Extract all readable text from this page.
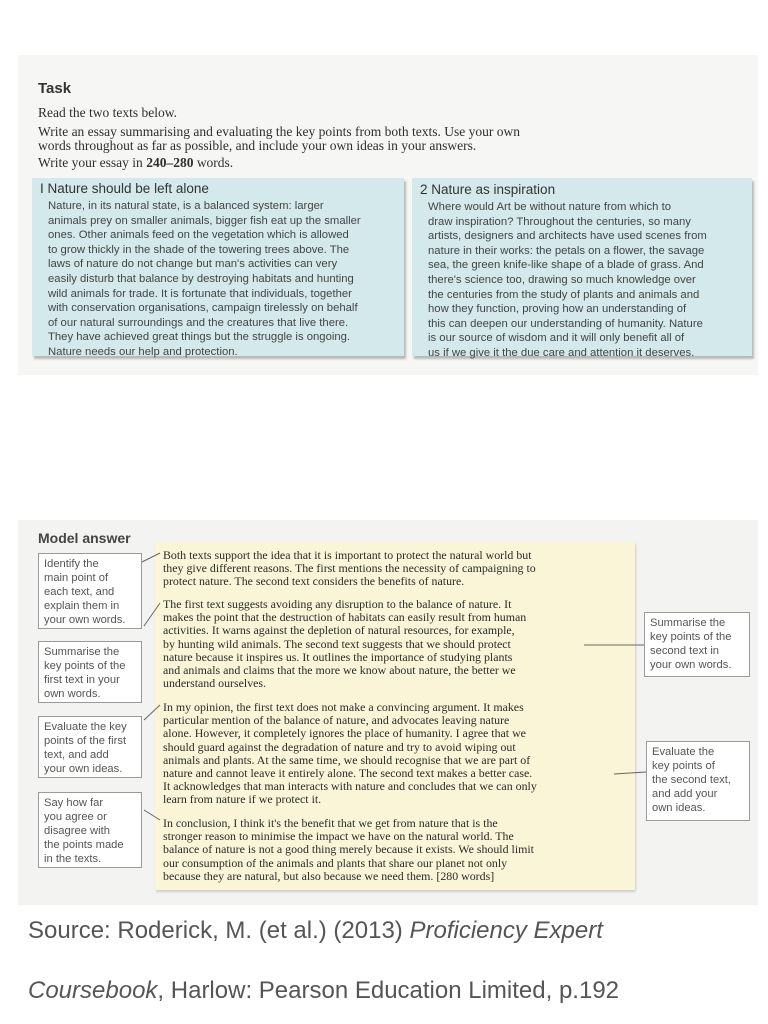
Task
Read the two texts below.
Write an essay summarising and evaluating the key points from both texts. Use your own
words throughout as far as possible, and include your own ideas in your answers.
Write your essay in 240–280 words.
I Nature should be left alone
Nature, in its natural state, is a balanced system: larger
animals prey on smaller animals, bigger fish eat up the smaller
ones. Other animals feed on the vegetation which is allowed
to grow thickly in the shade of the towering trees above. The
laws of nature do not change but man's activities can very
easily disturb that balance by destroying habitats and hunting
wild animals for trade. It is fortunate that individuals, together
with conservation organisations, campaign tirelessly on behalf
of our natural surroundings and the creatures that live there.
They have achieved great things but the struggle is ongoing.
Nature needs our help and protection.
2 Nature as inspiration
Where would Art be without nature from which to
draw inspiration? Throughout the centuries, so many
artists, designers and architects have used scenes from
nature in their works: the petals on a flower, the savage
sea, the green knife-like shape of a blade of grass. And
there's science too, drawing so much knowledge over
the centuries from the study of plants and animals and
how they function, proving how an understanding of
this can deepen our understanding of humanity. Nature
is our source of wisdom and it will only benefit all of
us if we give it the due care and attention it deserves.
Model answer
Both texts support the idea that it is important to protect the natural world but
they give different reasons. The first mentions the necessity of campaigning to
protect nature. The second text considers the benefits of nature.
The first text suggests avoiding any disruption to the balance of nature. It
makes the point that the destruction of habitats can easily result from human
activities. It warns against the depletion of natural resources, for example,
by hunting wild animals. The second text suggests that we should protect
nature because it inspires us. It outlines the importance of studying plants
and animals and claims that the more we know about nature, the better we
understand ourselves.
In my opinion, the first text does not make a convincing argument. It makes
particular mention of the balance of nature, and advocates leaving nature
alone. However, it completely ignores the place of humanity. I agree that we
should guard against the degradation of nature and try to avoid wiping out
animals and plants. At the same time, we should recognise that we are part of
nature and cannot leave it entirely alone. The second text makes a better case.
It acknowledges that man interacts with nature and concludes that we can only
learn from nature if we protect it.
In conclusion, I think it's the benefit that we get from nature that is the
stronger reason to minimise the impact we have on the natural world. The
balance of nature is not a good thing merely because it exists. We should limit
our consumption of the animals and plants that share our planet not only
because they are natural, but also because we need them. [280 words]
Identify the
main point of
each text, and
explain them in
your own words.
Summarise the
key points of the
first text in your
own words.
Evaluate the key
points of the first
text, and add
your own ideas.
Say how far
you agree or
disagree with
the points made
in the texts.
Summarise the
key points of the
second text in
your own words.
Evaluate the
key points of
the second text,
and add your
own ideas.
Source: Roderick, M. (et al.) (2013) Proficiency Expert
Coursebook, Harlow: Pearson Education Limited, p.192
